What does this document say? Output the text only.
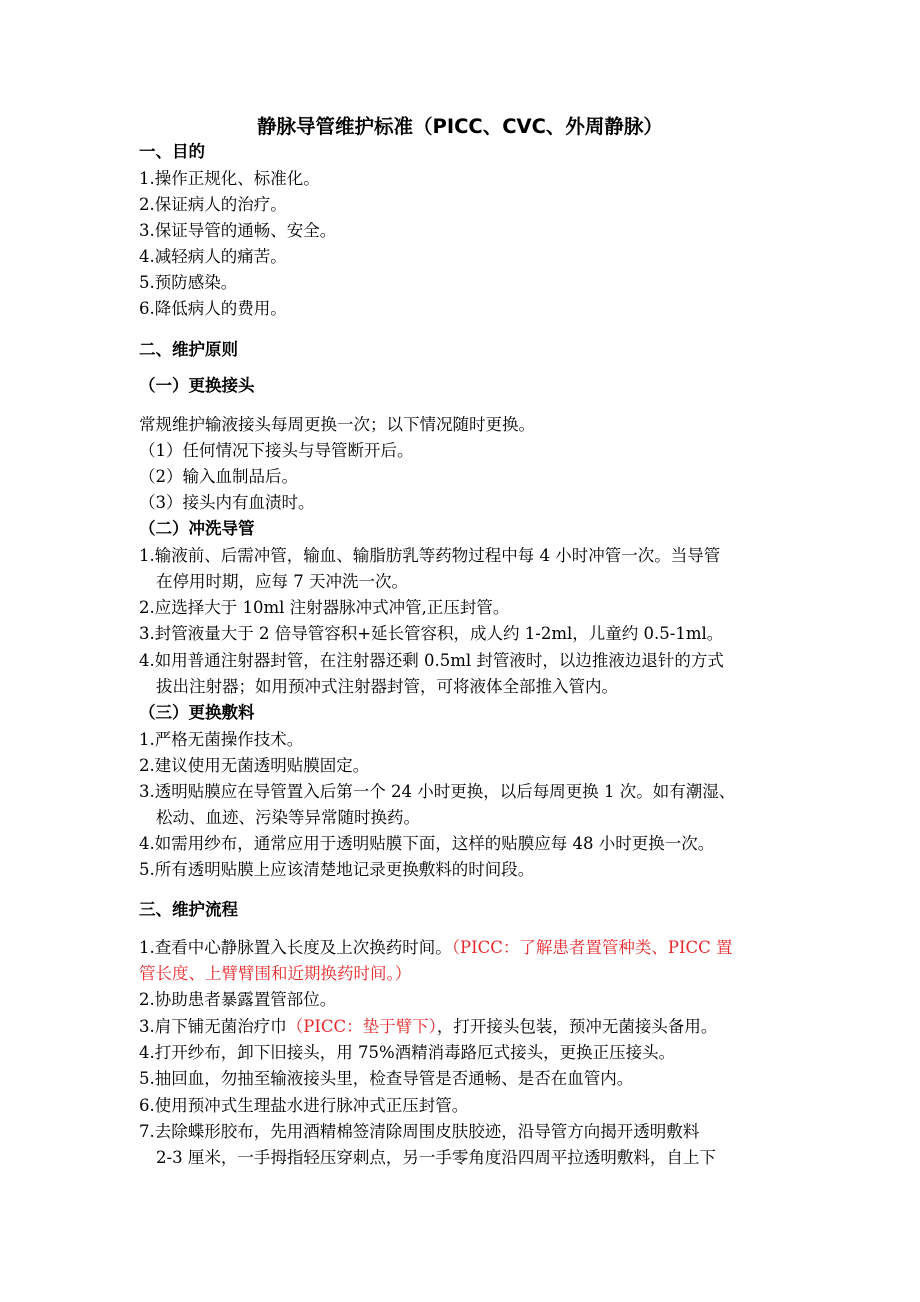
静脉导管维护标准（PICC、CVC、外周静脉）
一、目的
1.操作正规化、标准化。
2.保证病人的治疗。
3.保证导管的通畅、安全。
4.减轻病人的痛苦。
5.预防感染。
6.降低病人的费用。
二、维护原则
（一）更换接头
常规维护输液接头每周更换一次；以下情况随时更换。
（1）任何情况下接头与导管断开后。
（2）输入血制品后。
（3）接头内有血渍时。
（二）冲洗导管
1.输液前、后需冲管，输血、输脂肪乳等药物过程中每 4 小时冲管一次。当导管
在停用时期，应每 7 天冲洗一次。
2.应选择大于 10ml 注射器脉冲式冲管,正压封管。
3.封管液量大于 2 倍导管容积+延长管容积，成人约 1-2ml，儿童约 0.5-1ml。
4.如用普通注射器封管，在注射器还剩 0.5ml 封管液时，以边推液边退针的方式
拔出注射器；如用预冲式注射器封管，可将液体全部推入管内。
（三）更换敷料
1.严格无菌操作技术。
2.建议使用无菌透明贴膜固定。
3.透明贴膜应在导管置入后第一个 24 小时更换，以后每周更换 1 次。如有潮湿、
松动、血迹、污染等异常随时换药。
4.如需用纱布，通常应用于透明贴膜下面，这样的贴膜应每 48 小时更换一次。
5.所有透明贴膜上应该清楚地记录更换敷料的时间段。
三、维护流程
1.查看中心静脉置入长度及上次换药时间。（PICC：了解患者置管种类、PICC 置
管长度、上臂臂围和近期换药时间。）
2.协助患者暴露置管部位。
3.肩下铺无菌治疗巾（PICC：垫于臂下），打开接头包装，预冲无菌接头备用。
4.打开纱布，卸下旧接头，用 75%酒精消毒路厄式接头，更换正压接头。
5.抽回血，勿抽至输液接头里，检查导管是否通畅、是否在血管内。
6.使用预冲式生理盐水进行脉冲式正压封管。
7.去除蝶形胶布，先用酒精棉签清除周围皮肤胶迹，沿导管方向揭开透明敷料
2-3 厘米，一手拇指轻压穿刺点，另一手零角度沿四周平拉透明敷料，自上下
